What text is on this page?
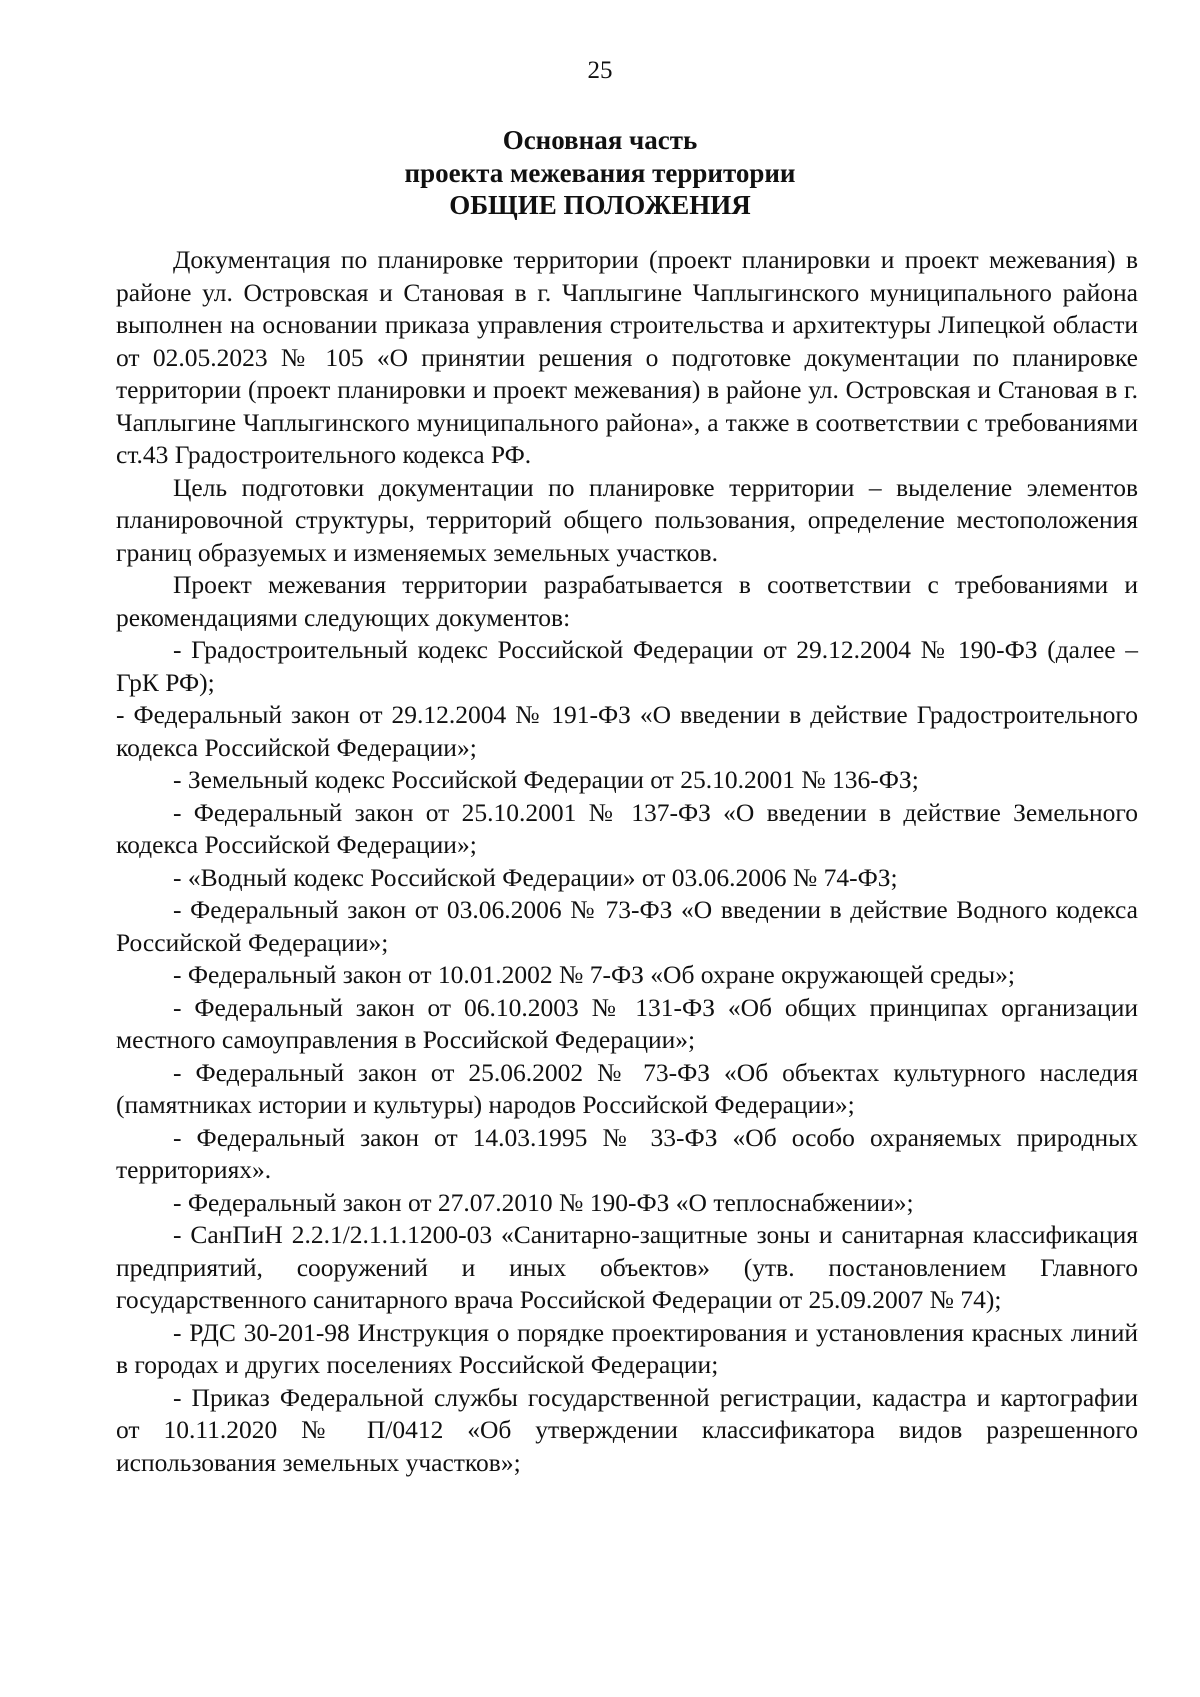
25
Основная часть
проекта межевания территории
ОБЩИЕ ПОЛОЖЕНИЯ

Документация по планировке территории (проект планировки и проект межевания) в районе ул. Островская и Становая в г. Чаплыгине Чаплыгинского муниципального района выполнен на основании приказа управления строительства и архитектуры Липецкой области от 02.05.2023 № 105 «О принятии решения о подготовке документации по планировке территории (проект планировки и проект межевания) в районе ул. Островская и Становая в г. Чаплыгине Чаплыгинского муниципального района», а также в соответствии с требованиями ст.43 Градостроительного кодекса РФ.

Цель подготовки документации по планировке территории – выделение элементов планировочной структуры, территорий общего пользования, определение местоположения границ образуемых и изменяемых земельных участков.

Проект межевания территории разрабатывается в соответствии с требованиями и рекомендациями следующих документов:

- Градостроительный кодекс Российской Федерации от 29.12.2004 № 190-ФЗ (далее – ГрК РФ);

- Федеральный закон от 29.12.2004 № 191-ФЗ «О введении в действие Градостроительного кодекса Российской Федерации»;

- Земельный кодекс Российской Федерации от 25.10.2001 № 136-ФЗ;

- Федеральный закон от 25.10.2001 № 137-ФЗ «О введении в действие Земельного кодекса Российской Федерации»;

- «Водный кодекс Российской Федерации» от 03.06.2006 № 74-ФЗ;

- Федеральный закон от 03.06.2006 № 73-ФЗ «О введении в действие Водного кодекса Российской Федерации»;

- Федеральный закон от 10.01.2002 № 7-ФЗ «Об охране окружающей среды»;

- Федеральный закон от 06.10.2003 № 131-ФЗ «Об общих принципах организации местного самоуправления в Российской Федерации»;

- Федеральный закон от 25.06.2002 № 73-ФЗ «Об объектах культурного наследия (памятниках истории и культуры) народов Российской Федерации»;

- Федеральный закон от 14.03.1995 № 33-ФЗ «Об особо охраняемых природных территориях».

- Федеральный закон от 27.07.2010 № 190-ФЗ «О теплоснабжении»;

- СанПиН 2.2.1/2.1.1.1200-03 «Санитарно-защитные зоны и санитарная классификация предприятий, сооружений и иных объектов» (утв. постановлением Главного государственного санитарного врача Российской Федерации от 25.09.2007 № 74);

- РДС 30-201-98 Инструкция о порядке проектирования и установления красных линий в городах и других поселениях Российской Федерации;

- Приказ Федеральной службы государственной регистрации, кадастра и картографии от 10.11.2020 № П/0412 «Об утверждении классификатора видов разрешенного использования земельных участков»;
